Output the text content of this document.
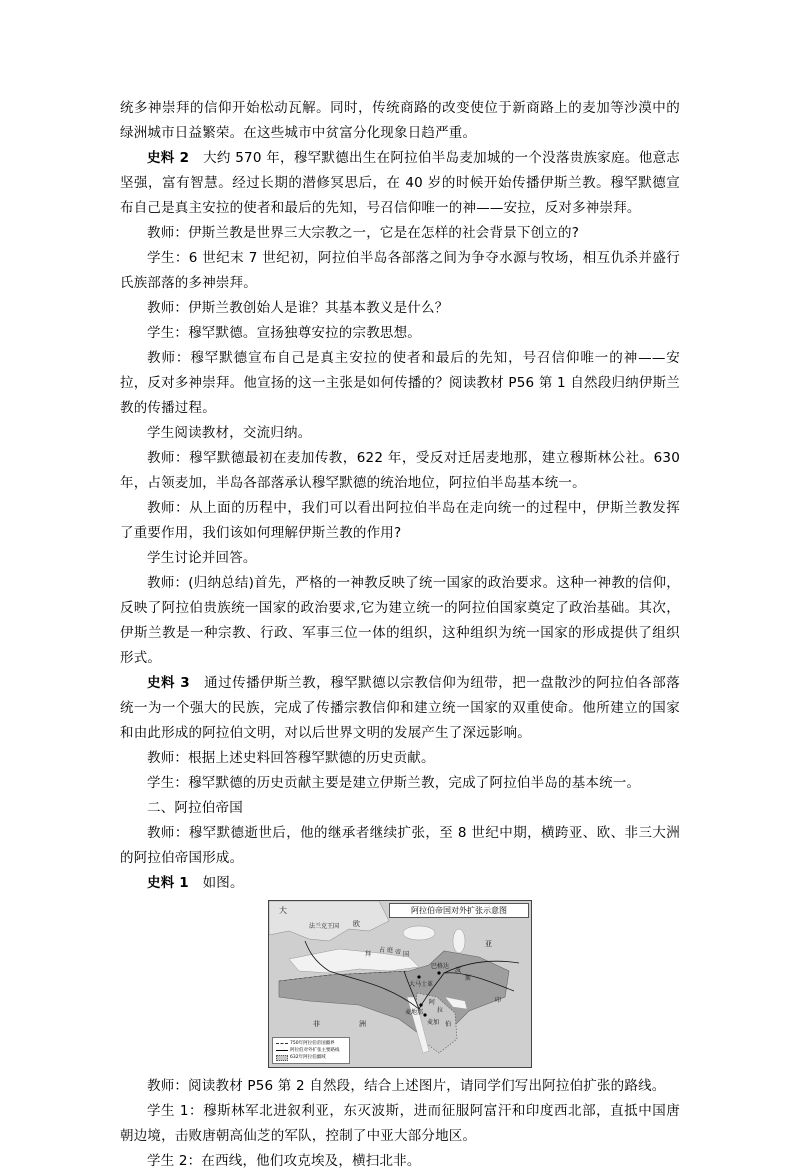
统多神崇拜的信仰开始松动瓦解。同时，传统商路的改变使位于新商路上的麦加等沙漠中的绿洲城市日益繁荣。在这些城市中贫富分化现象日趋严重。

史料 2　大约 570 年，穆罕默德出生在阿拉伯半岛麦加城的一个没落贵族家庭。他意志坚强，富有智慧。经过长期的潜修冥思后，在 40 岁的时候开始传播伊斯兰教。穆罕默德宣布自己是真主安拉的使者和最后的先知，号召信仰唯一的神——安拉，反对多神崇拜。

教师：伊斯兰教是世界三大宗教之一，它是在怎样的社会背景下创立的?

学生：6 世纪末 7 世纪初，阿拉伯半岛各部落之间为争夺水源与牧场，相互仇杀并盛行氏族部落的多神崇拜。

教师：伊斯兰教创始人是谁？其基本教义是什么？

学生：穆罕默德。宣扬独尊安拉的宗教思想。

教师：穆罕默德宣布自己是真主安拉的使者和最后的先知，号召信仰唯一的神——安拉，反对多神崇拜。他宣扬的这一主张是如何传播的？阅读教材 P56 第 1 自然段归纳伊斯兰教的传播过程。

学生阅读教材，交流归纳。

教师：穆罕默德最初在麦加传教，622 年，受反对迁居麦地那，建立穆斯林公社。630 年，占领麦加，半岛各部落承认穆罕默德的统治地位，阿拉伯半岛基本统一。

教师：从上面的历程中，我们可以看出阿拉伯半岛在走向统一的过程中，伊斯兰教发挥了重要作用，我们该如何理解伊斯兰教的作用?

学生讨论并回答。

教师：(归纳总结)首先，严格的一神教反映了统一国家的政治要求。这种一神教的信仰，反映了阿拉伯贵族统一国家的政治要求,它为建立统一的阿拉伯国家奠定了政治基础。其次，伊斯兰教是一种宗教、行政、军事三位一体的组织，这种组织为统一国家的形成提供了组织形式。

史料 3　通过传播伊斯兰教，穆罕默德以宗教信仰为纽带，把一盘散沙的阿拉伯各部落统一为一个强大的民族，完成了传播宗教信仰和建立统一国家的双重使命。他所建立的国家和由此形成的阿拉伯文明，对以后世界文明的发展产生了深远影响。

教师：根据上述史料回答穆罕默德的历史贡献。

学生：穆罕默德的历史贡献主要是建立伊斯兰教，完成了阿拉伯半岛的基本统一。

二、阿拉伯帝国

教师：穆罕默德逝世后，他的继承者继续扩张，至 8 世纪中期，横跨亚、欧、非三大洲的阿拉伯帝国形成。

史料 1　如图。

阿拉伯帝国对外扩张示意图
大
法兰克王国 欧
拜
占 庭 帝 国
巴格达
波
斯
大马士革
阿
拉
麦加
麦地那
亚
非	洲	伯
印
750年阿拉伯帝国疆界
阿拉伯对外扩张主要路线
632年阿拉伯疆域

教师：阅读教材 P56 第 2 自然段，结合上述图片，请同学们写出阿拉伯扩张的路线。

学生 1：穆斯林军北进叙利亚，东灭波斯，进而征服阿富汗和印度西北部，直抵中国唐朝边境，击败唐朝高仙芝的军队，控制了中亚大部分地区。

学生 2：在西线，他们攻克埃及，横扫北非。
